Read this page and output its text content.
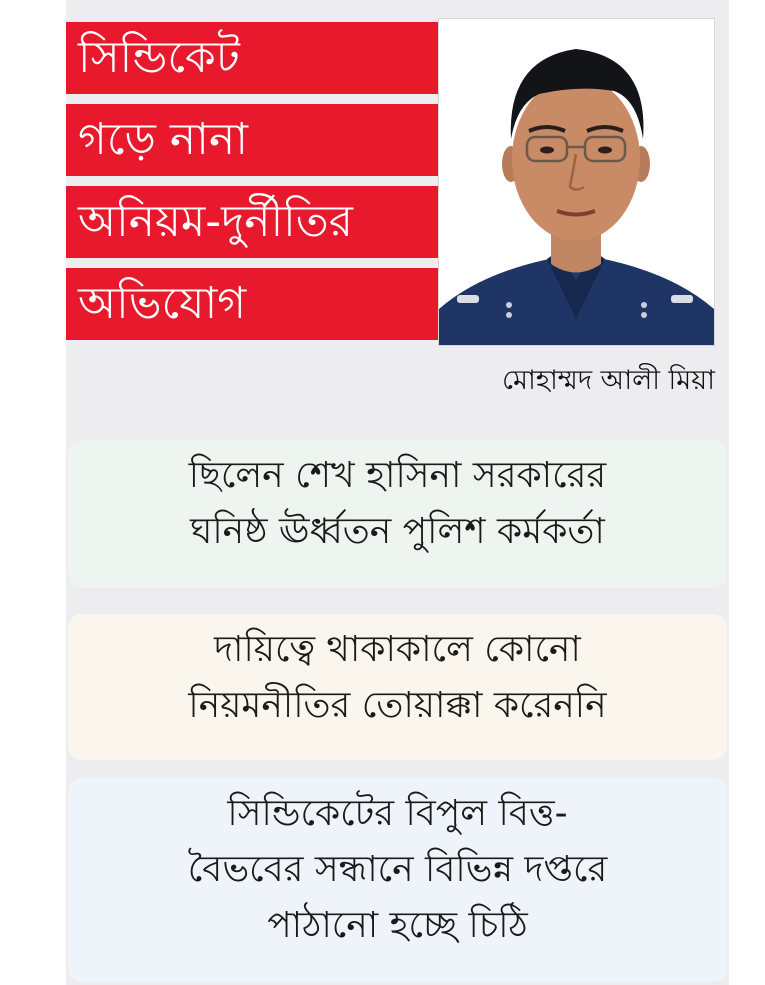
সিন্ডিকেট
গড়ে নানা
অনিয়ম-দুর্নীতির
অভিযোগ
মোহাম্মদ আলী মিয়া
ছিলেন শেখ হাসিনা সরকারের
ঘনিষ্ঠ ঊর্ধ্বতন পুলিশ কর্মকর্তা
দায়িত্বে থাকাকালে কোনো
নিয়মনীতির তোয়াক্কা করেননি
সিন্ডিকেটের বিপুল বিত্ত-
বৈভবের সন্ধানে বিভিন্ন দপ্তরে
পাঠানো হচ্ছে চিঠি
